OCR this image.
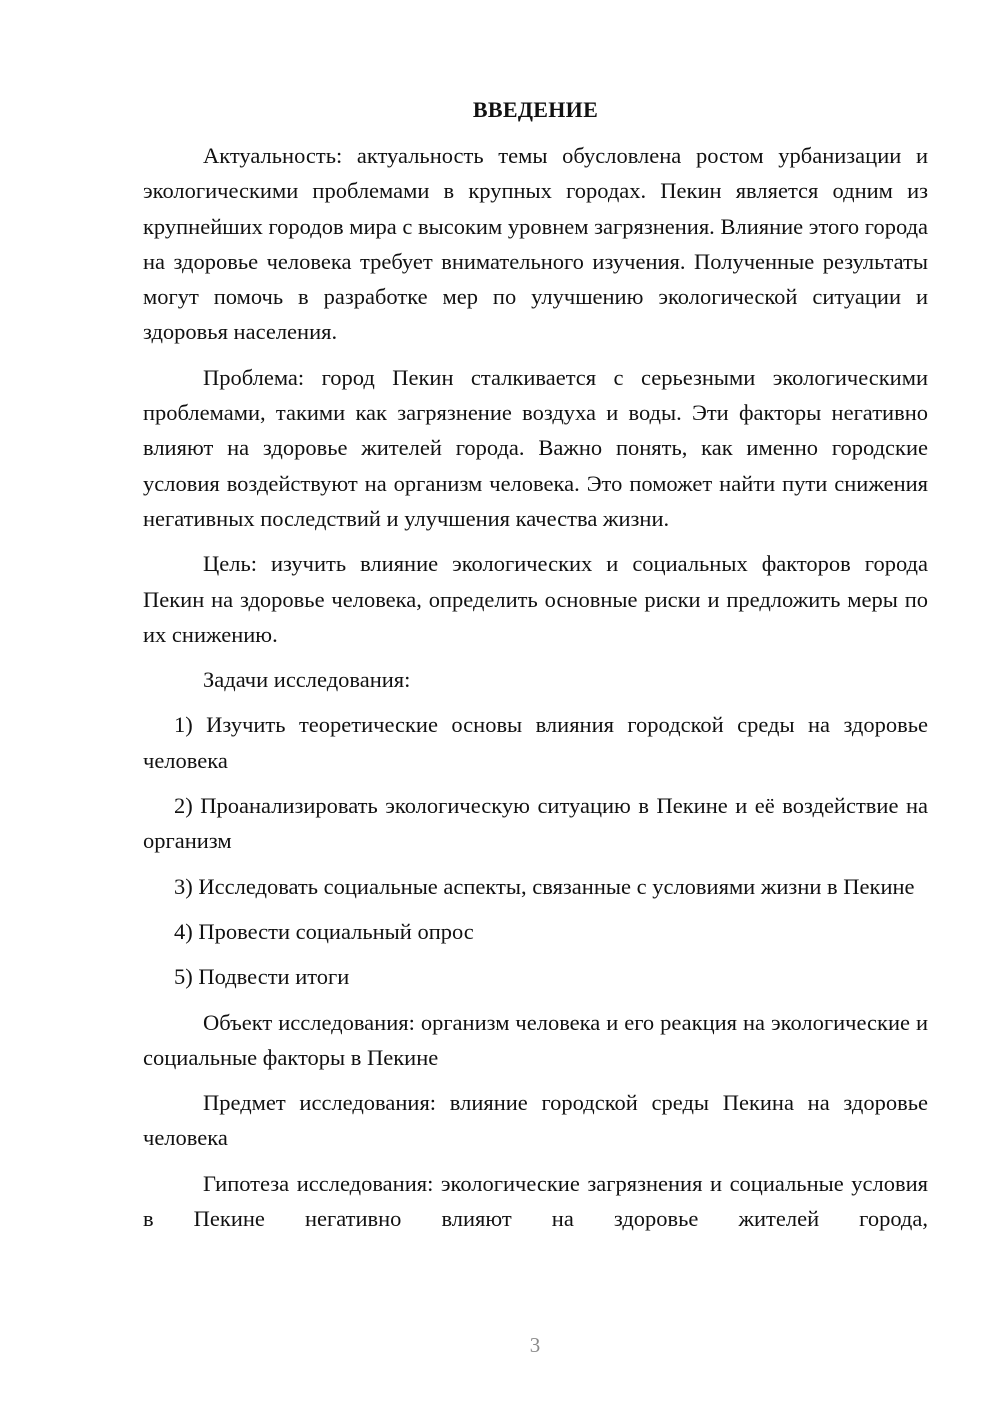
ВВЕДЕНИЕ

Актуальность: актуальность темы обусловлена ростом урбанизации и экологическими проблемами в крупных городах. Пекин является одним из крупнейших городов мира с высоким уровнем загрязнения. Влияние этого города на здоровье человека требует внимательного изучения. Полученные результаты могут помочь в разработке мер по улучшению экологической ситуации и здоровья населения.

Проблема: город Пекин сталкивается с серьезными экологическими проблемами, такими как загрязнение воздуха и воды. Эти факторы негативно влияют на здоровье жителей города. Важно понять, как именно городские условия воздействуют на организм человека. Это поможет найти пути снижения негативных последствий и улучшения качества жизни.

Цель: изучить влияние экологических и социальных факторов города Пекин на здоровье человека, определить основные риски и предложить меры по их снижению.

Задачи исследования:

1) Изучить теоретические основы влияния городской среды на здоровье человека

2) Проанализировать экологическую ситуацию в Пекине и её воздействие на организм

3) Исследовать социальные аспекты, связанные с условиями жизни в Пекине

4) Провести социальный опрос

5) Подвести итоги

Объект исследования: организм человека и его реакция на экологические и социальные факторы в Пекине

Предмет исследования: влияние городской среды Пекина на здоровье человека

Гипотеза исследования: экологические загрязнения и социальные условия в Пекине негативно влияют на здоровье жителей города,

3
